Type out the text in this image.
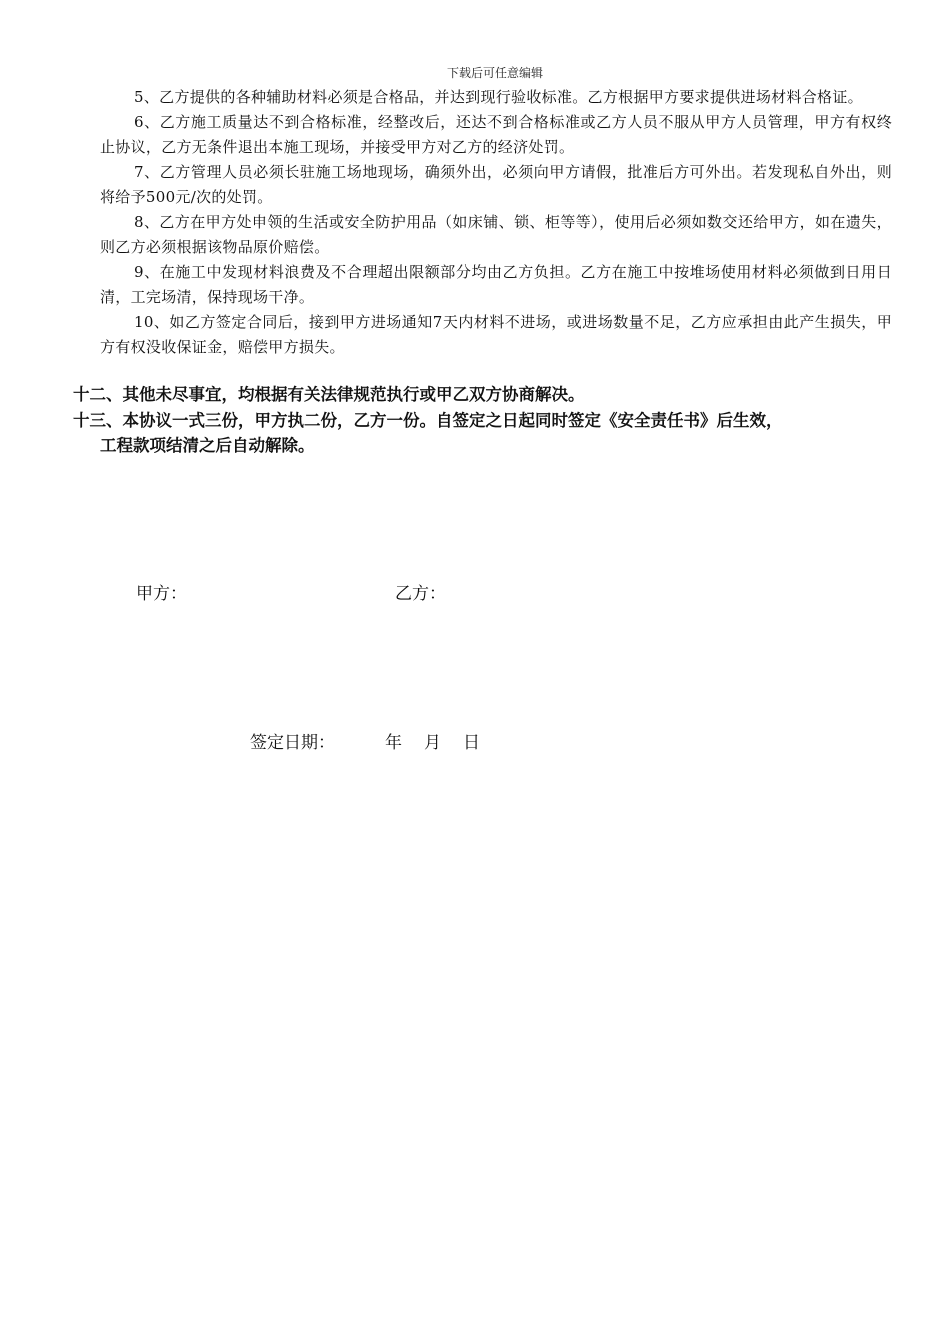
下载后可任意编辑

5、乙方提供的各种辅助材料必须是合格品，并达到现行验收标准。乙方根据甲方要求提供进场材料合格证。

6、乙方施工质量达不到合格标准，经整改后，还达不到合格标准或乙方人员不服从甲方人员管理，甲方有权终止协议，乙方无条件退出本施工现场，并接受甲方对乙方的经济处罚。

7、乙方管理人员必须长驻施工场地现场，确须外出，必须向甲方请假，批准后方可外出。若发现私自外出，则将给予500元/次的处罚。

8、乙方在甲方处申领的生活或安全防护用品（如床铺、锁、柜等等），使用后必须如数交还给甲方，如在遗失，则乙方必须根据该物品原价赔偿。

9、在施工中发现材料浪费及不合理超出限额部分均由乙方负担。乙方在施工中按堆场使用材料必须做到日用日清，工完场清，保持现场干净。

10、如乙方签定合同后，接到甲方进场通知7天内材料不进场，或进场数量不足，乙方应承担由此产生损失，甲方有权没收保证金，赔偿甲方损失。

十二、其他未尽事宜，均根据有关法律规范执行或甲乙双方协商解决。

十三、本协议一式三份，甲方执二份，乙方一份。自签定之日起同时签定《安全责任书》后生效，
工程款项结清之后自动解除。

甲方：	乙方：
签定日期：	年 月 日
